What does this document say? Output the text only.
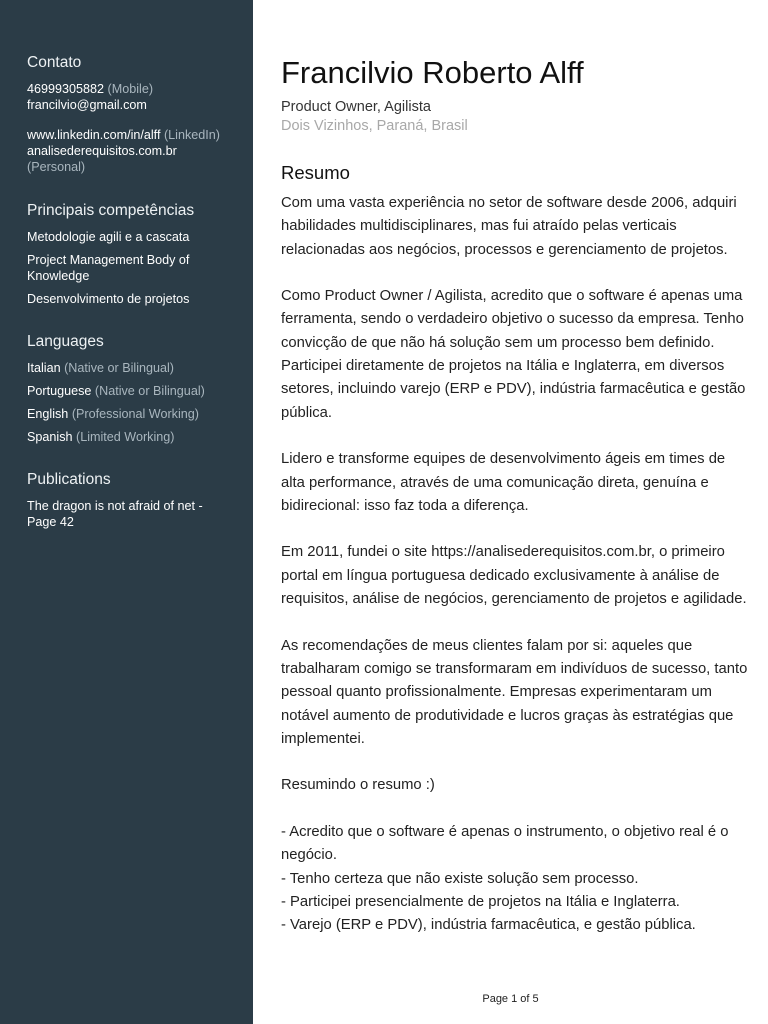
Contato
46999305882 (Mobile)
francilvio@gmail.com
www.linkedin.com/in/alff (LinkedIn)
analisederequisitos.com.br
(Personal)
Principais competências
Metodologie agili e a cascata
Project Management Body of Knowledge
Desenvolvimento de projetos
Languages
Italian (Native or Bilingual)
Portuguese (Native or Bilingual)
English (Professional Working)
Spanish (Limited Working)
Publications
The dragon is not afraid of net - Page 42
Francilvio Roberto Alff
Product Owner, Agilista
Dois Vizinhos, Paraná, Brasil
Resumo

Com uma vasta experiência no setor de software desde 2006, adquiri habilidades multidisciplinares, mas fui atraído pelas verticais relacionadas aos negócios, processos e gerenciamento de projetos.

Como Product Owner / Agilista, acredito que o software é apenas uma ferramenta, sendo o verdadeiro objetivo o sucesso da empresa. Tenho convicção de que não há solução sem um processo bem definido. Participei diretamente de projetos na Itália e Inglaterra, em diversos setores, incluindo varejo (ERP e PDV), indústria farmacêutica e gestão pública.

Lidero e transforme equipes de desenvolvimento ágeis em times de alta performance, através de uma comunicação direta, genuína e bidirecional: isso faz toda a diferença.

Em 2011, fundei o site https://analisederequisitos.com.br, o primeiro portal em língua portuguesa dedicado exclusivamente à análise de requisitos, análise de negócios, gerenciamento de projetos e agilidade.

As recomendações de meus clientes falam por si: aqueles que trabalharam comigo se transformaram em indivíduos de sucesso, tanto pessoal quanto profissionalmente. Empresas experimentaram um notável aumento de produtividade e lucros graças às estratégias que implementei.

Resumindo o resumo :)

- Acredito que o software é apenas o instrumento, o objetivo real é o negócio.

- Tenho certeza que não existe solução sem processo.

- Participei presencialmente de projetos na Itália e Inglaterra.

- Varejo (ERP e PDV), indústria farmacêutica, e gestão pública.

Page 1 of 5
